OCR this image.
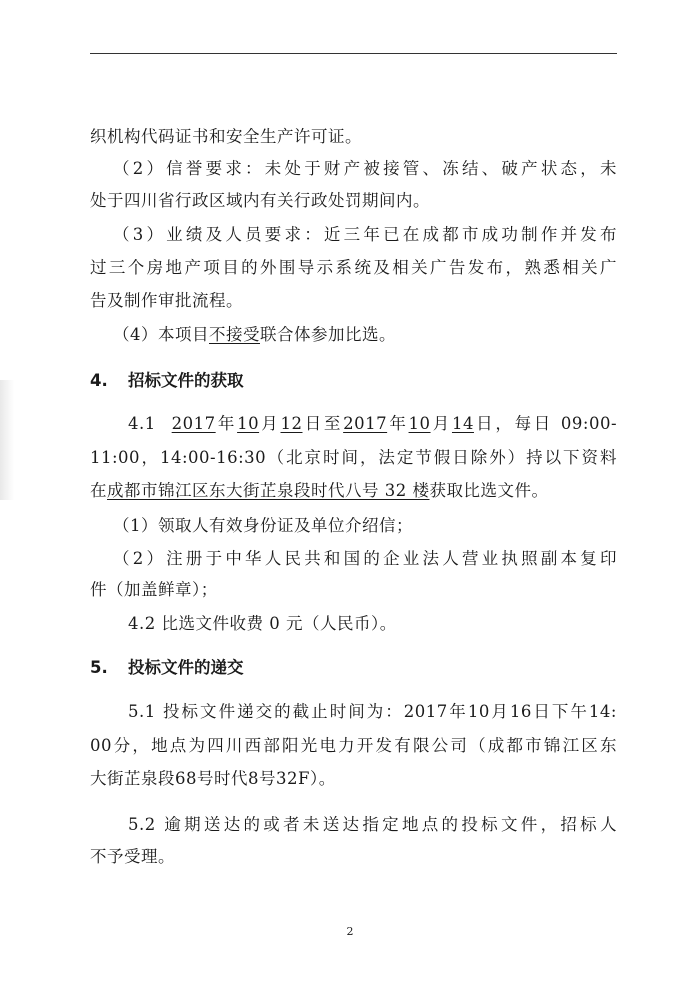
织机构代码证书和安全生产许可证。
（2）信誉要求：未处于财产被接管、冻结、破产状态，未
处于四川省行政区域内有关行政处罚期间内。
（3）业绩及人员要求：近三年已在成都市成功制作并发布
过三个房地产项目的外围导示系统及相关广告发布，熟悉相关广
告及制作审批流程。
（4）本项目不接受联合体参加比选。
4. 招标文件的获取
4.1 2017年10月12日至2017年10月14日，每日 09:00-
11:00，14:00-16:30（北京时间，法定节假日除外）持以下资料
在成都市锦江区东大街芷泉段时代八号 32 楼获取比选文件。
（1）领取人有效身份证及单位介绍信；
（2）注册于中华人民共和国的企业法人营业执照副本复印
件（加盖鲜章）；
4.2 比选文件收费 0 元（人民币）。
5. 投标文件的递交
5.1 投标文件递交的截止时间为：2017年10月16日下午14:
00分，地点为四川西部阳光电力开发有限公司（成都市锦江区东
大街芷泉段68号时代8号32F）。
5.2 逾期送达的或者未送达指定地点的投标文件，招标人
不予受理。
2
